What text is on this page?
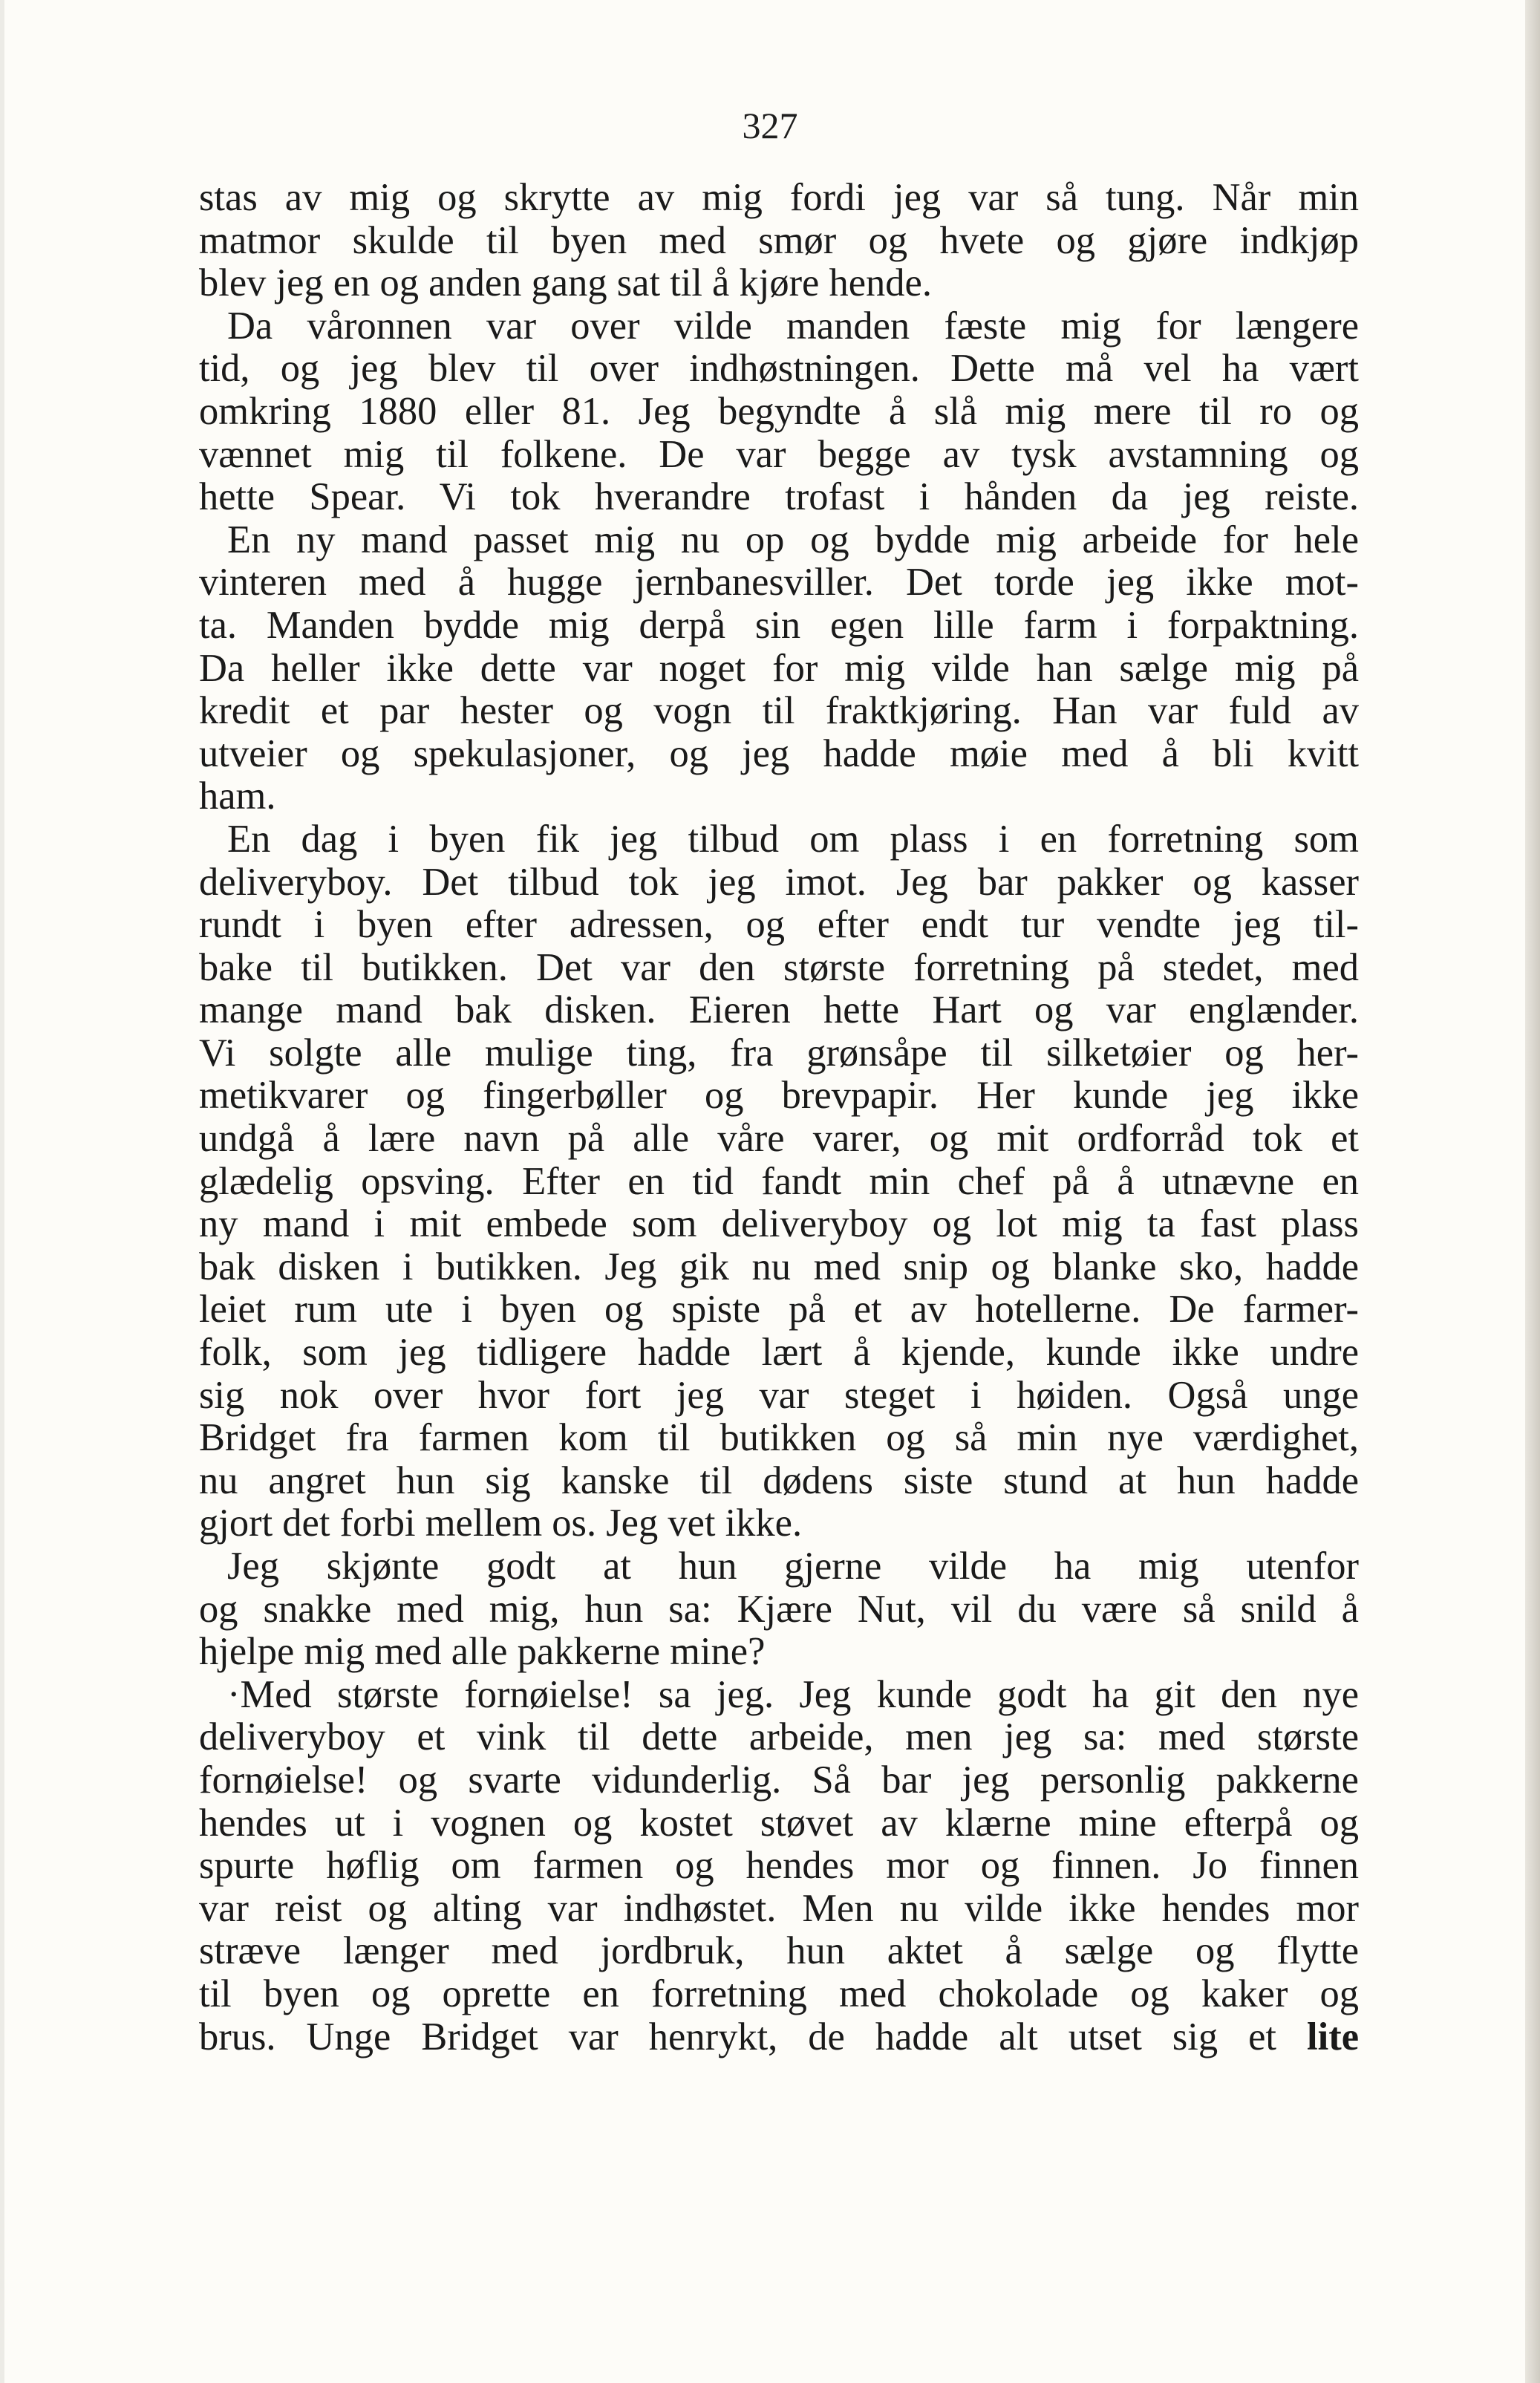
327
stas av mig og skrytte av mig fordi jeg var så tung. Når min
matmor skulde til byen med smør og hvete og gjøre indkjøp
blev jeg en og anden gang sat til å kjøre hende.
Da våronnen var over vilde manden fæste mig for længere
tid, og jeg blev til over indhøstningen. Dette må vel ha vært
omkring 1880 eller 81. Jeg begyndte å slå mig mere til ro og
vænnet mig til folkene. De var begge av tysk avstamning og
hette Spear. Vi tok hverandre trofast i hånden da jeg reiste.
En ny mand passet mig nu op og bydde mig arbeide for hele
vinteren med å hugge jernbanesviller. Det torde jeg ikke mot-
ta. Manden bydde mig derpå sin egen lille farm i forpaktning.
Da heller ikke dette var noget for mig vilde han sælge mig på
kredit et par hester og vogn til fraktkjøring. Han var fuld av
utveier og spekulasjoner, og jeg hadde møie med å bli kvitt
ham.
En dag i byen fik jeg tilbud om plass i en forretning som
deliveryboy. Det tilbud tok jeg imot. Jeg bar pakker og kasser
rundt i byen efter adressen, og efter endt tur vendte jeg til-
bake til butikken. Det var den største forretning på stedet, med
mange mand bak disken. Eieren hette Hart og var englænder.
Vi solgte alle mulige ting, fra grønsåpe til silketøier og her-
metikvarer og fingerbøller og brevpapir. Her kunde jeg ikke
undgå å lære navn på alle våre varer, og mit ordforråd tok et
glædelig opsving. Efter en tid fandt min chef på å utnævne en
ny mand i mit embede som deliveryboy og lot mig ta fast plass
bak disken i butikken. Jeg gik nu med snip og blanke sko, hadde
leiet rum ute i byen og spiste på et av hotellerne. De farmer-
folk, som jeg tidligere hadde lært å kjende, kunde ikke undre
sig nok over hvor fort jeg var steget i høiden. Også unge
Bridget fra farmen kom til butikken og så min nye værdighet,
nu angret hun sig kanske til dødens siste stund at hun hadde
gjort det forbi mellem os. Jeg vet ikke.
Jeg skjønte godt at hun gjerne vilde ha mig utenfor
og snakke med mig, hun sa: Kjære Nut, vil du være så snild å
hjelpe mig med alle pakkerne mine?
·Med største fornøielse! sa jeg. Jeg kunde godt ha git den nye
deliveryboy et vink til dette arbeide, men jeg sa: med største
fornøielse! og svarte vidunderlig. Så bar jeg personlig pakkerne
hendes ut i vognen og kostet støvet av klærne mine efterpå og
spurte høflig om farmen og hendes mor og finnen. Jo finnen
var reist og alting var indhøstet. Men nu vilde ikke hendes mor
stræve længer med jordbruk, hun aktet å sælge og flytte
til byen og oprette en forretning med chokolade og kaker og
brus. Unge Bridget var henrykt, de hadde alt utset sig et lite
